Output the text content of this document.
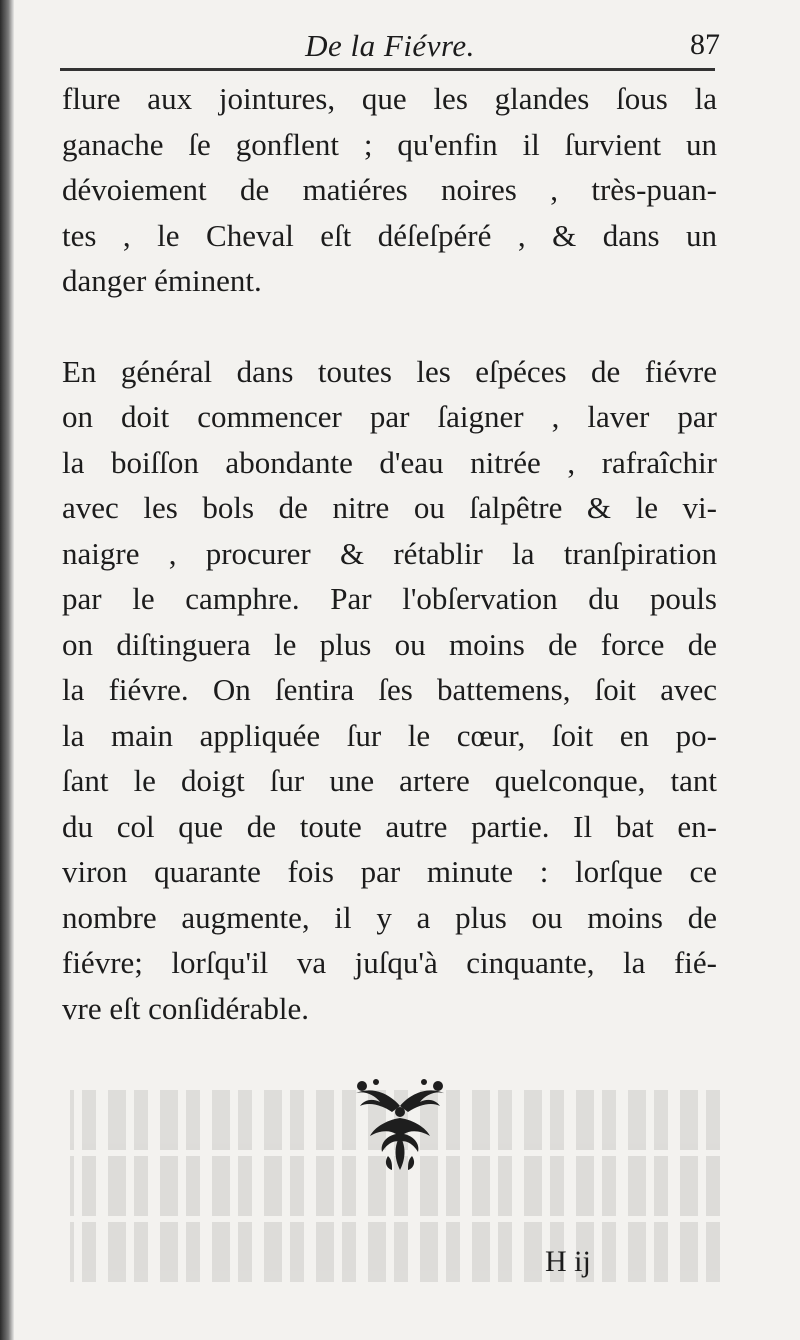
De la Fiévre.	87

flure aux jointures, que les glandes ſous la
ganache ſe gonflent ; qu'enfin il ſurvient un
dévoiement de matiéres noires , très-puan-
tes , le Cheval eſt déſeſpéré , & dans un
danger éminent.

En général dans toutes les eſpéces de fiévre
on doit commencer par ſaigner , laver par
la boiſſon abondante d'eau nitrée , rafraîchir
avec les bols de nitre ou ſalpêtre & le vi-
naigre , procurer & rétablir la tranſpiration
par le camphre. Par l'obſervation du pouls
on diſtinguera le plus ou moins de force de
la fiévre. On ſentira ſes battemens, ſoit avec
la main appliquée ſur le cœur, ſoit en po-
ſant le doigt ſur une artere quelconque, tant
du col que de toute autre partie. Il bat en-
viron quarante fois par minute : lorſque ce
nombre augmente, il y a plus ou moins de
fiévre; lorſqu'il va juſqu'à cinquante, la fié-
vre eſt conſidérable.

H ij
